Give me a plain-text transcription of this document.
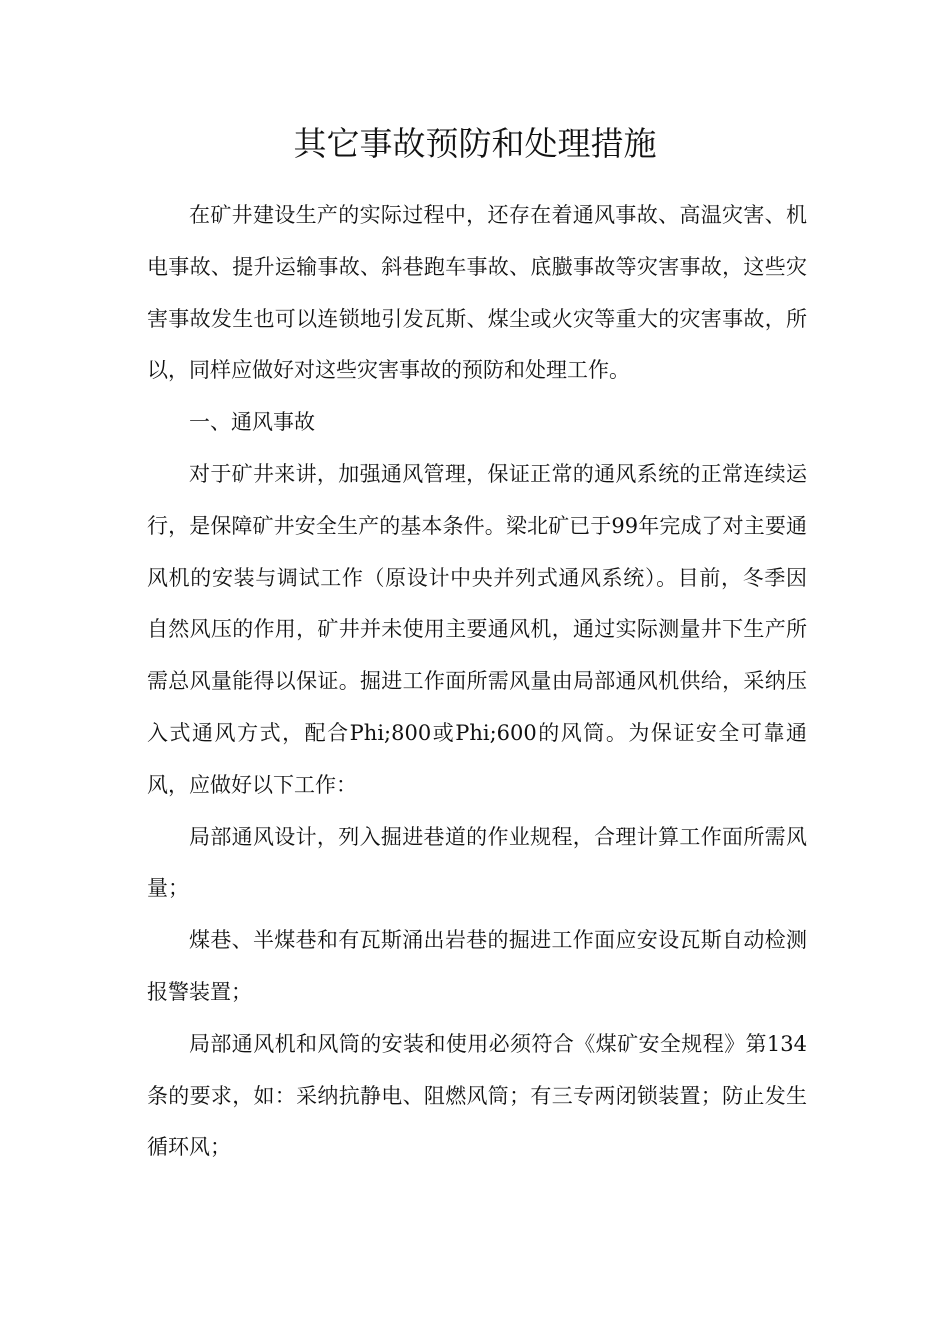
其它事故预防和处理措施

在矿井建设生产的实际过程中，还存在着通风事故、高温灾害、机电事故、提升运输事故、斜巷跑车事故、底臌事故等灾害事故，这些灾害事故发生也可以连锁地引发瓦斯、煤尘或火灾等重大的灾害事故，所以，同样应做好对这些灾害事故的预防和处理工作。

一、通风事故

对于矿井来讲，加强通风管理，保证正常的通风系统的正常连续运行，是保障矿井安全生产的基本条件。梁北矿已于99年完成了对主要通风机的安装与调试工作（原设计中央并列式通风系统）。目前，冬季因自然风压的作用，矿井并未使用主要通风机，通过实际测量井下生产所需总风量能得以保证。掘进工作面所需风量由局部通风机供给，采纳压入式通风方式，配合Phi;800或Phi;600的风筒。为保证安全可靠通风，应做好以下工作：

局部通风设计，列入掘进巷道的作业规程，合理计算工作面所需风量；

煤巷、半煤巷和有瓦斯涌出岩巷的掘进工作面应安设瓦斯自动检测报警装置；

局部通风机和风筒的安装和使用必须符合《煤矿安全规程》第134条的要求，如：采纳抗静电、阻燃风筒；有三专两闭锁装置；防止发生循环风；
